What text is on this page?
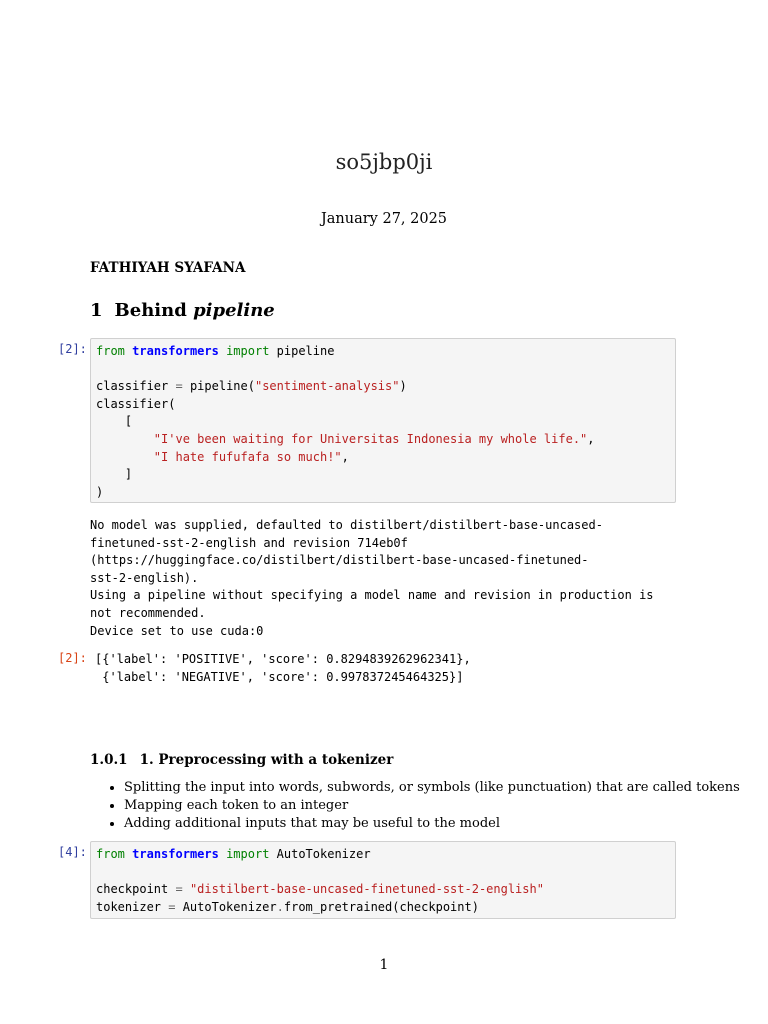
so5jbp0ji
January 27, 2025
FATHIYAH SYAFANA
1 Behind pipeline
[2]: from transformers import pipeline

classifier = pipeline("sentiment-analysis")
classifier(
[
"I've been waiting for Universitas Indonesia my whole life.",
"I hate fufufafa so much!",
]
)
No model was supplied, defaulted to distilbert/distilbert-base-uncased-
finetuned-sst-2-english and revision 714eb0f
(https://huggingface.co/distilbert/distilbert-base-uncased-finetuned-
sst-2-english).
Using a pipeline without specifying a model name and revision in production is
not recommended.
Device set to use cuda:0
[2]: [{'label': 'POSITIVE', 'score': 0.8294839262962341},
{'label': 'NEGATIVE', 'score': 0.997837245464325}]
1.0.1 1. Preprocessing with a tokenizer
• Splitting the input into words, subwords, or symbols (like punctuation) that are called tokens
• Mapping each token to an integer
• Adding additional inputs that may be useful to the model
[4]: from transformers import AutoTokenizer

checkpoint = "distilbert-base-uncased-finetuned-sst-2-english"
tokenizer = AutoTokenizer.from_pretrained(checkpoint)
1
